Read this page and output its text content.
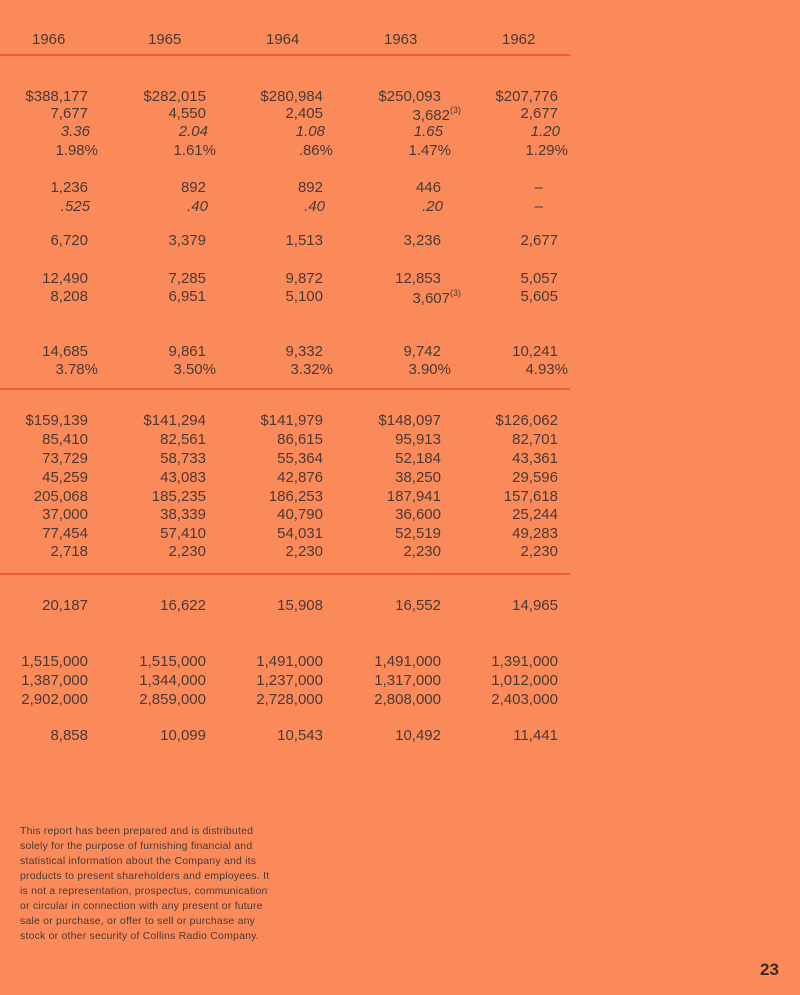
1966	1965	1964	1963	1962
$388,177	$282,015	$280,984	$250,093	$207,776
7,677	4,550	2,405	3,682$^{(3)}$	2,677
3.36	2.04	1.08	1.65	1.20
1.98%	1.61%	.86%	1.47%	1.29%
1,236	892	892	446	–
.525	.40	.40	.20	–
6,720	3,379	1,513	3,236	2,677
12,490	7,285	9,872	12,853	5,057
8,208	6,951	5,100	3,607$^{(3)}$	5,605
14,685	9,861	9,332	9,742	10,241
3.78%	3.50%	3.32%	3.90%	4.93%
$159,139	$141,294	$141,979	$148,097	$126,062
85,410	82,561	86,615	95,913	82,701
73,729	58,733	55,364	52,184	43,361
45,259	43,083	42,876	38,250	29,596
205,068	185,235	186,253	187,941	157,618
37,000	38,339	40,790	36,600	25,244
77,454	57,410	54,031	52,519	49,283
2,718	2,230	2,230	2,230	2,230
20,187	16,622	15,908	16,552	14,965
1,515,000	1,515,000	1,491,000	1,491,000	1,391,000
1,387,000	1,344,000	1,237,000	1,317,000	1,012,000
2,902,000	2,859,000	2,728,000	2,808,000	2,403,000
8,858	10,099	10,543	10,492	11,441
This report has been prepared and is distributed solely for the purpose of furnishing financial and statistical information about the Company and its products to present shareholders and employees. It is not a representation, prospectus, communication or circular in connection with any present or future sale or purchase, or offer to sell or purchase any stock or other security of Collins Radio Company.
23
